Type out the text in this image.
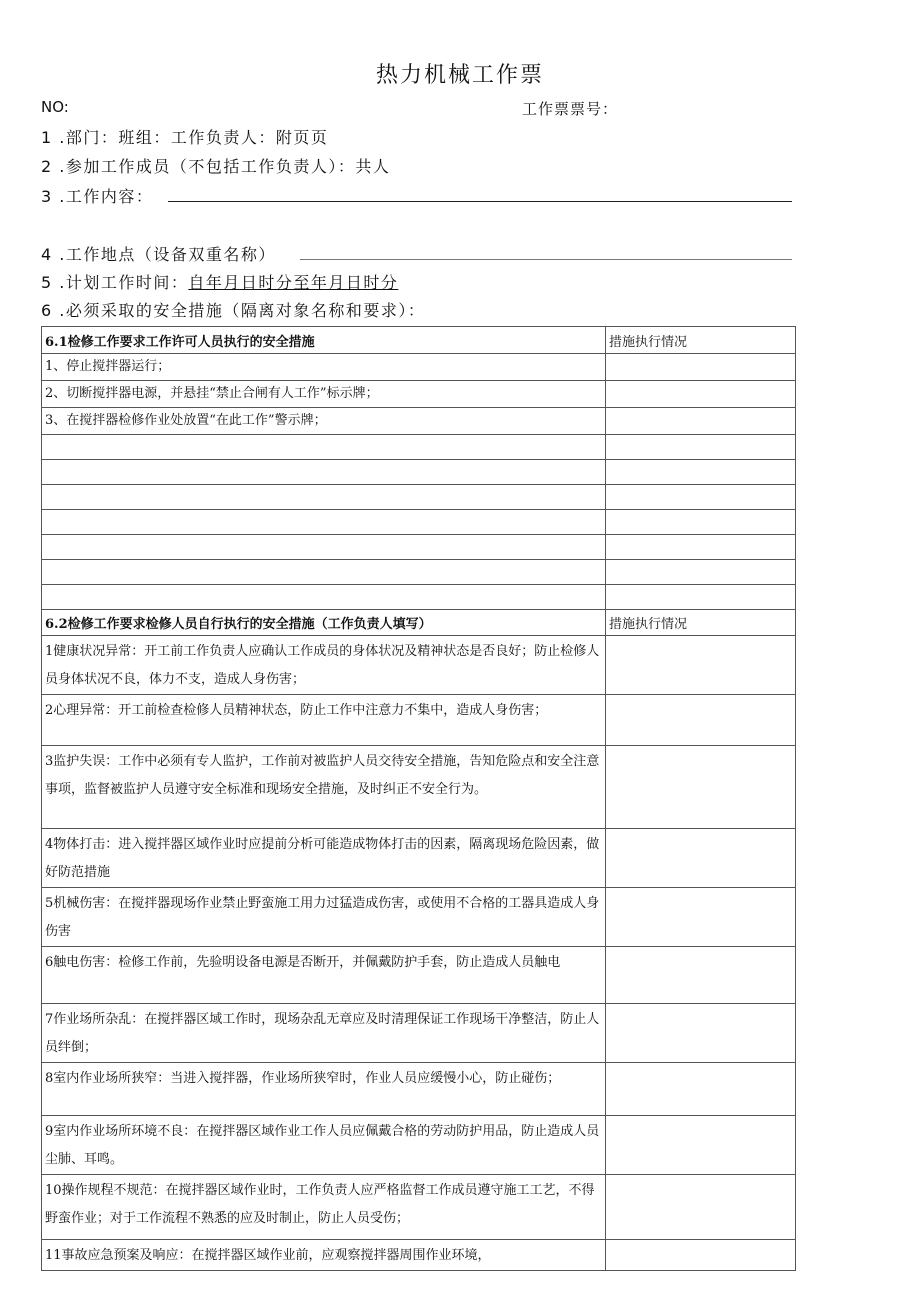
热力机械工作票
NO:	工作票票号：
1 .部门：班组：工作负责人：附页页
2 .参加工作成员（不包括工作负责人）：共人
3 .工作内容：
4 .工作地点（设备双重名称）
5 .计划工作时间：自年月日时分至年月日时分
6 .必须采取的安全措施（隔离对象名称和要求）：
6.1检修工作要求工作许可人员执行的安全措施	措施执行情况
1、停止搅拌器运行；	
2、切断搅拌器电源，并悬挂“禁止合闸有人工作”标示牌；	
3、在搅拌器检修作业处放置“在此工作”警示牌；	

6.2检修工作要求检修人员自行执行的安全措施（工作负责人填写）	措施执行情况
1健康状况异常：开工前工作负责人应确认工作成员的身体状况及精神状态是否良好；防止检修人员身体状况不良，体力不支，造成人身伤害；	
2心理异常：开工前检查检修人员精神状态，防止工作中注意力不集中，造成人身伤害；	
3监护失误：工作中必须有专人监护，工作前对被监护人员交待安全措施，告知危险点和安全注意事项，监督被监护人员遵守安全标准和现场安全措施，及时纠正不安全行为。	
4物体打击：进入搅拌器区域作业时应提前分析可能造成物体打击的因素，隔离现场危险因素，做好防范措施	
5机械伤害：在搅拌器现场作业禁止野蛮施工用力过猛造成伤害，或使用不合格的工器具造成人身伤害	
6触电伤害：检修工作前，先验明设备电源是否断开，并佩戴防护手套，防止造成人员触电	
7作业场所杂乱：在搅拌器区域工作时，现场杂乱无章应及时清理保证工作现场干净整洁，防止人员绊倒；	
8室内作业场所狭窄：当进入搅拌器，作业场所狭窄时，作业人员应缓慢小心，防止碰伤；	
9室内作业场所环境不良：在搅拌器区域作业工作人员应佩戴合格的劳动防护用品，防止造成人员尘肺、耳鸣。	
10操作规程不规范：在搅拌器区域作业时，工作负责人应严格监督工作成员遵守施工工艺，不得野蛮作业；对于工作流程不熟悉的应及时制止，防止人员受伤；	
11事故应急预案及响应：在搅拌器区域作业前，应观察搅拌器周围作业环境，	
